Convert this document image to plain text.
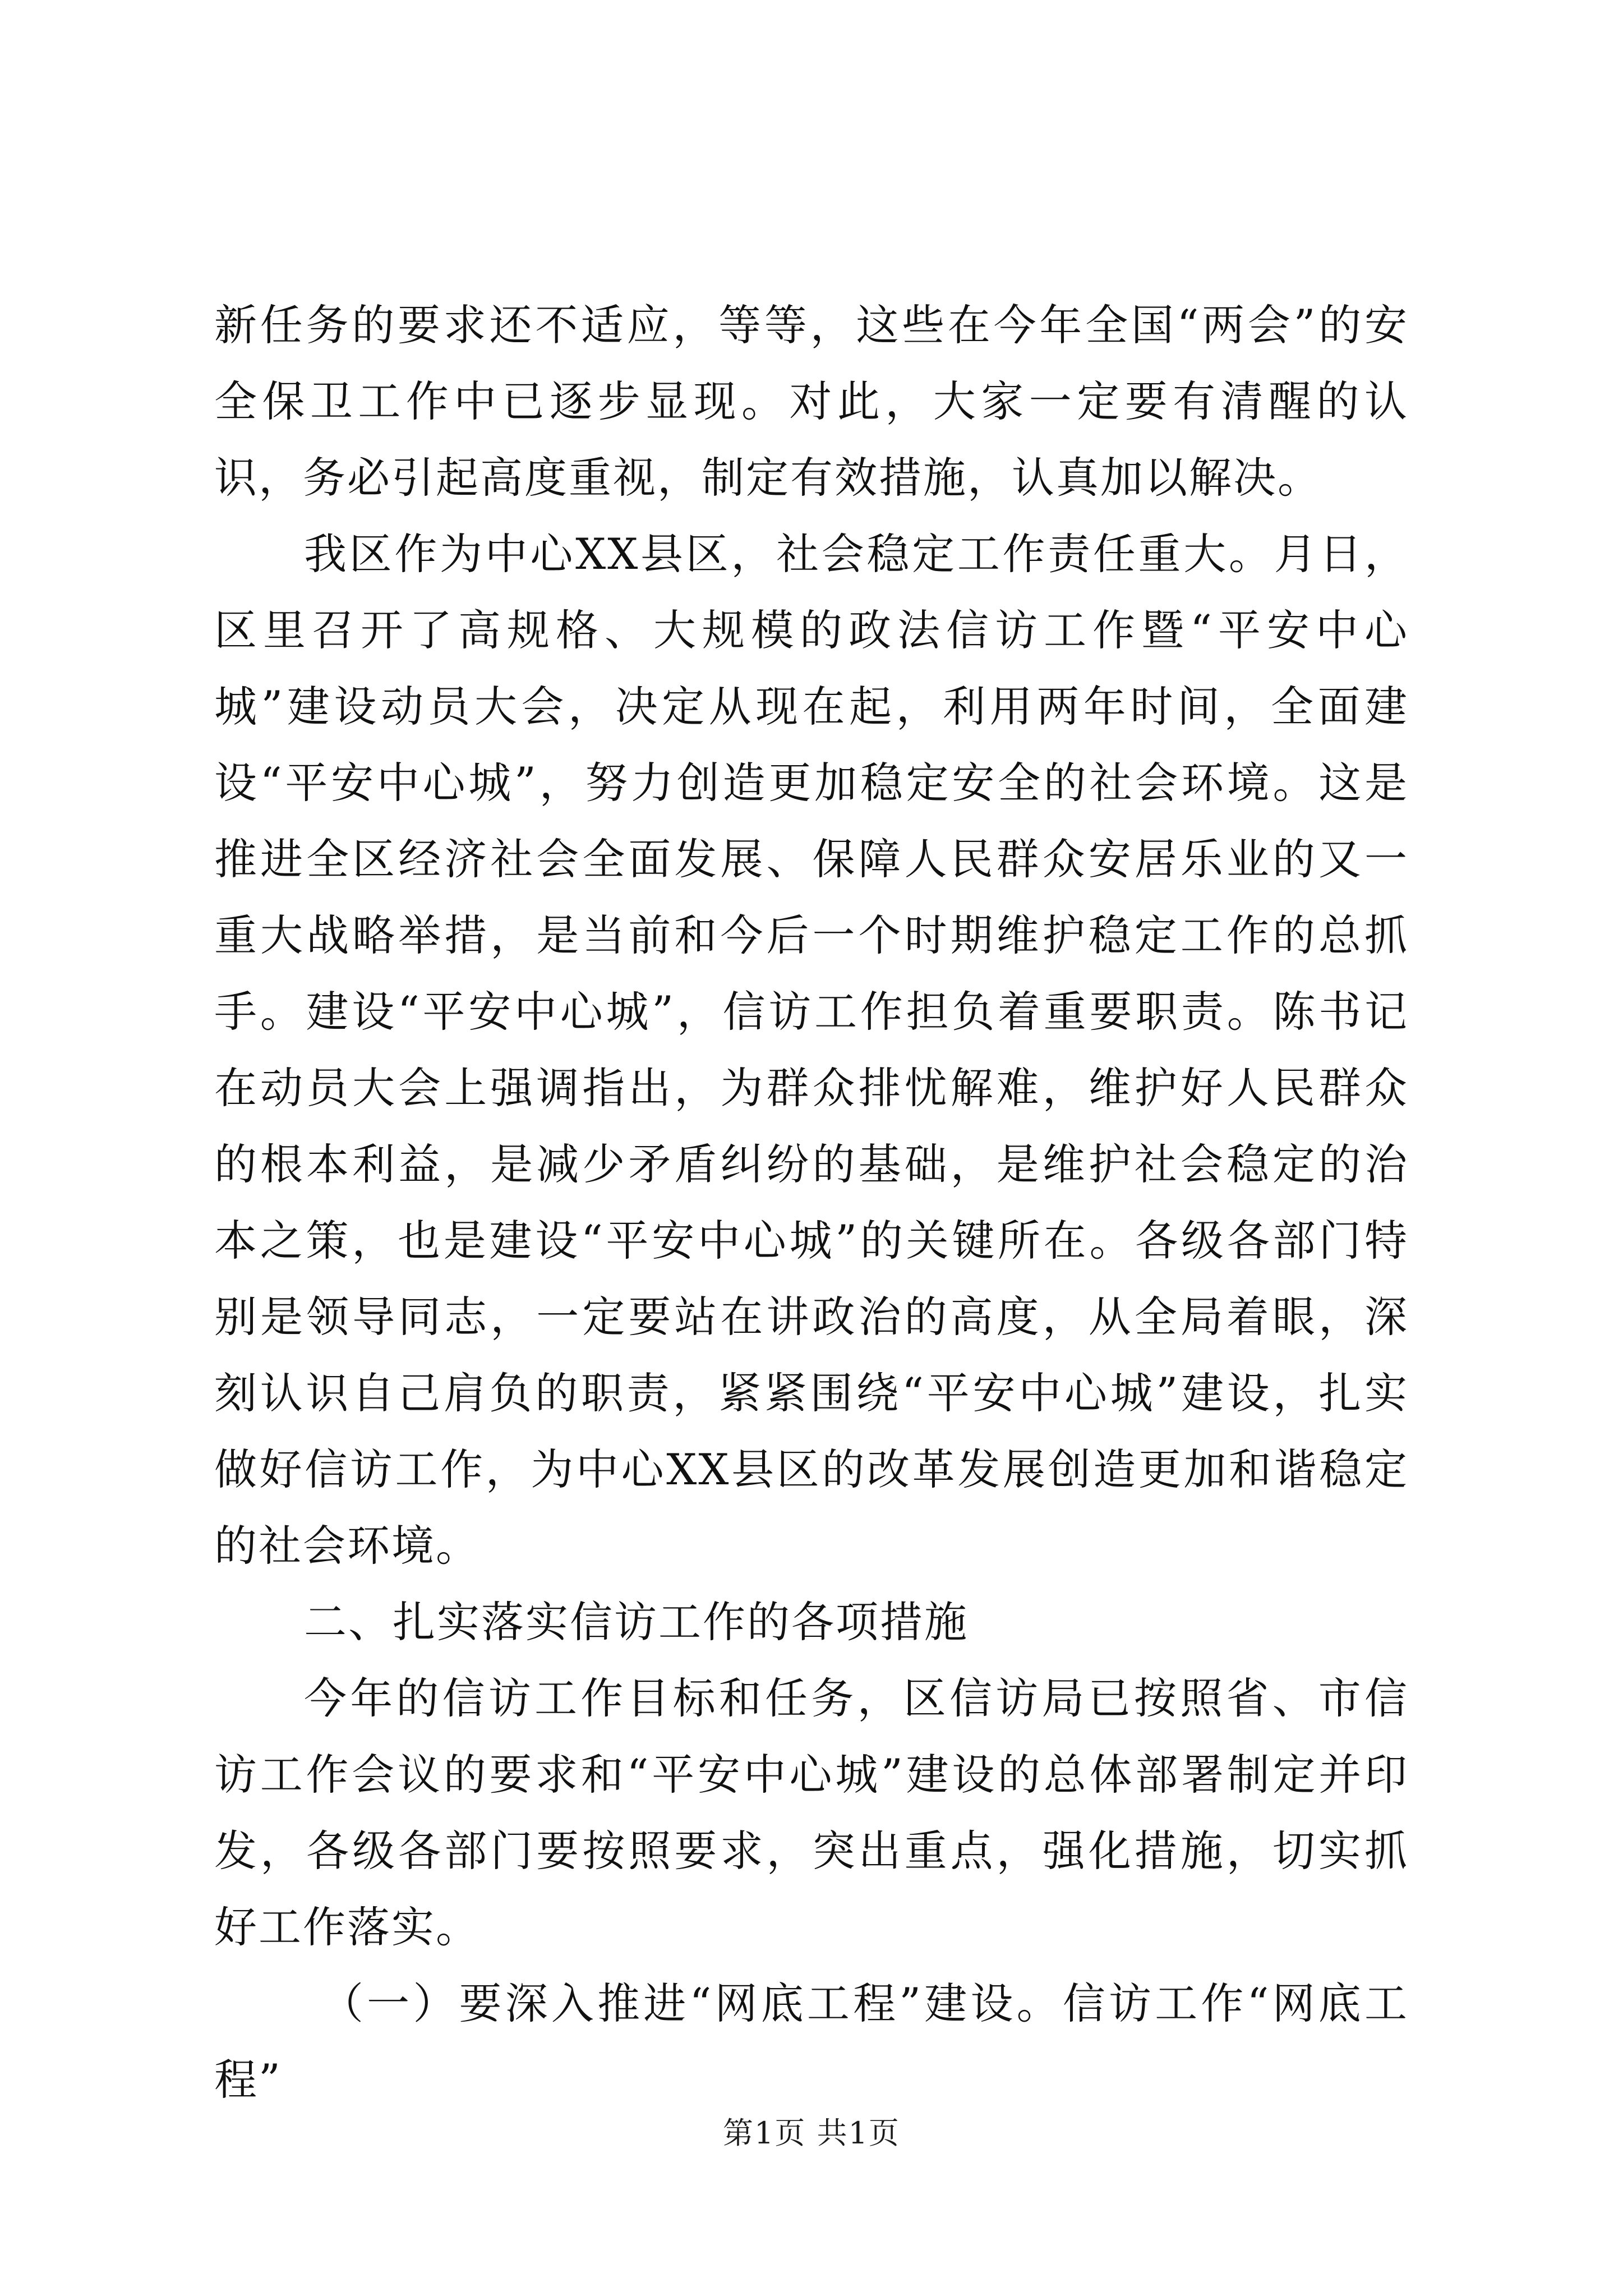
新任务的要求还不适应，等等，这些在今年全国“两会”的安全保卫工作中已逐步显现。对此，大家一定要有清醒的认识，务必引起高度重视，制定有效措施，认真加以解决。

我区作为中心XX县区，社会稳定工作责任重大。月日，区里召开了高规格、大规模的政法信访工作暨“平安中心城”建设动员大会，决定从现在起，利用两年时间，全面建设“平安中心城”，努力创造更加稳定安全的社会环境。这是推进全区经济社会全面发展、保障人民群众安居乐业的又一重大战略举措，是当前和今后一个时期维护稳定工作的总抓手。建设“平安中心城”，信访工作担负着重要职责。陈书记在动员大会上强调指出，为群众排忧解难，维护好人民群众的根本利益，是减少矛盾纠纷的基础，是维护社会稳定的治本之策，也是建设“平安中心城”的关键所在。各级各部门特别是领导同志，一定要站在讲政治的高度，从全局着眼，深刻认识自己肩负的职责，紧紧围绕“平安中心城”建设，扎实做好信访工作，为中心XX县区的改革发展创造更加和谐稳定的社会环境。

二、扎实落实信访工作的各项措施

今年的信访工作目标和任务，区信访局已按照省、市信访工作会议的要求和“平安中心城”建设的总体部署制定并印发，各级各部门要按照要求，突出重点，强化措施，切实抓好工作落实。

（一）要深入推进“网底工程”建设。信访工作“网底工程”

第1页 共1页
